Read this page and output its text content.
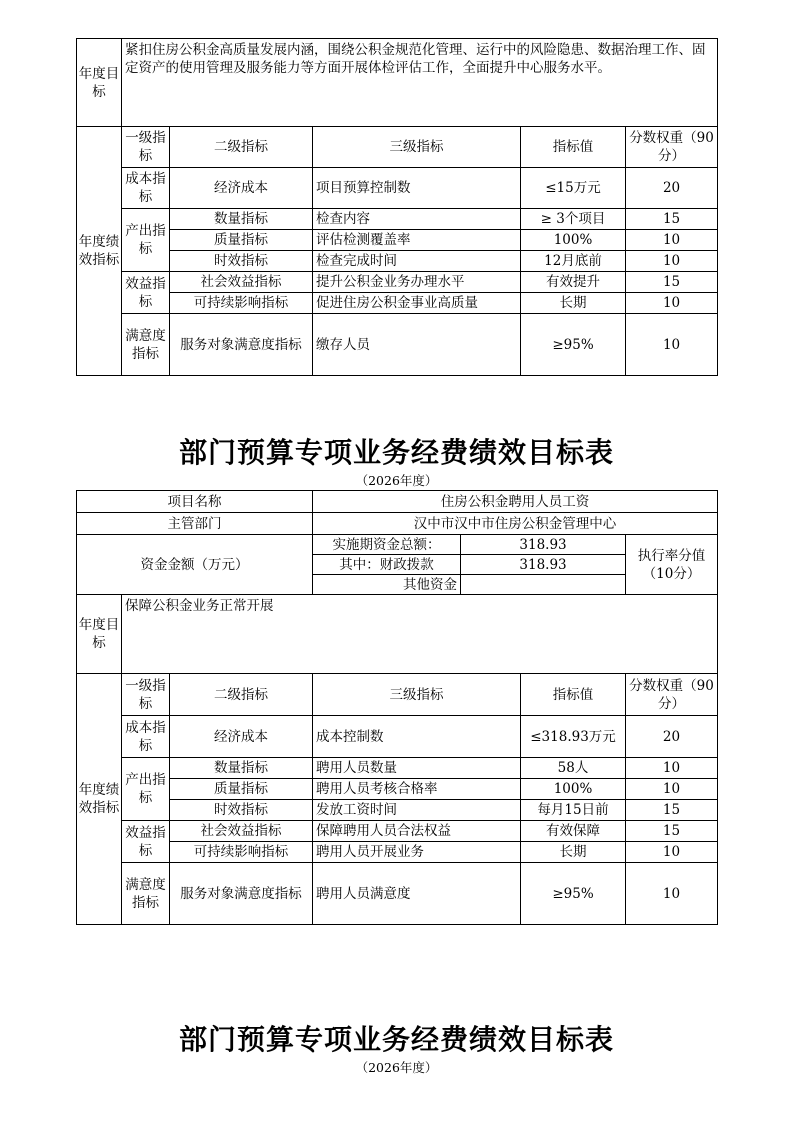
年度目标	紧扣住房公积金高质量发展内涵，围绕公积金规范化管理、运行中的风险隐患、数据治理工作、固定资产的使用管理及服务能力等方面开展体检评估工作，全面提升中心服务水平。				
年度绩效指标	一级指标	二级指标	三级指标	指标值	分数权重（90分）
	成本指标	经济成本	项目预算控制数	≤15万元	20
	产出指标	数量指标	检查内容	≥ 3个项目	15
		质量指标	评估检测覆盖率	100%	10
		时效指标	检查完成时间	12月底前	10
	效益指标	社会效益指标	提升公积金业务办理水平	有效提升	15
		可持续影响指标	促进住房公积金事业高质量	长期	10
	满意度指标	服务对象满意度指标	缴存人员	≥95%	10
部门预算专项业务经费绩效目标表

（2026年度）

项目名称			住房公积金聘用人员工资			
主管部门			汉中市汉中市住房公积金管理中心			
资金金额（万元）			实施期资金总额：	318.93		执行率分值（10分）
			其中：财政拨款	318.93		
			其他资金			
年度目标	保障公积金业务正常开展					
年度绩效指标	一级指标	二级指标	三级指标		指标值	分数权重（90分）
	成本指标	经济成本	成本控制数		≤318.93万元	20
	产出指标	数量指标	聘用人员数量		58人	10
		质量指标	聘用人员考核合格率		100%	10
		时效指标	发放工资时间		每月15日前	15
	效益指标	社会效益指标	保障聘用人员合法权益		有效保障	15
		可持续影响指标	聘用人员开展业务		长期	10
	满意度指标	服务对象满意度指标	聘用人员满意度		≥95%	10
部门预算专项业务经费绩效目标表

（2026年度）
